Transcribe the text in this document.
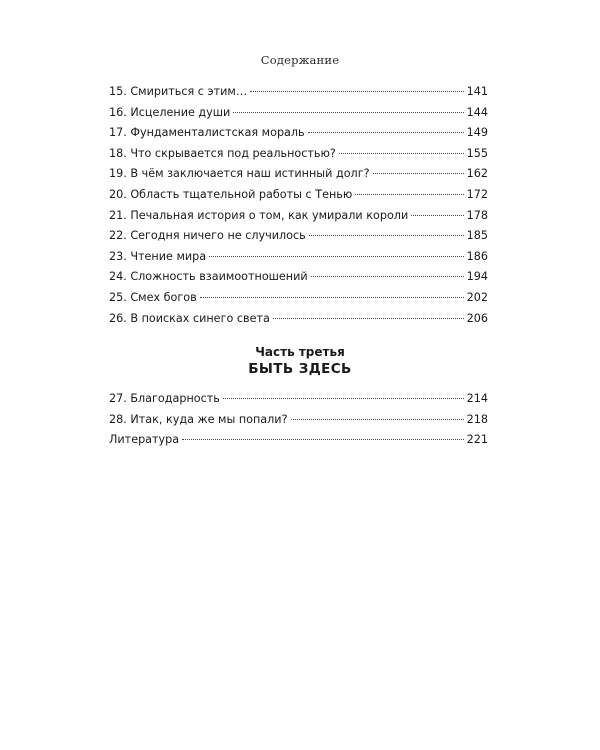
Содержание
15. Смириться с этим…	141
16. Исцеление души	144
17. Фундаменталистская мораль	149
18. Что скрывается под реальностью?	155
19. В чём заключается наш истинный долг?	162
20. Область тщательной работы с Тенью	172
21. Печальная история о том, как умирали короли	178
22. Сегодня ничего не случилось	185
23. Чтение мира	186
24. Сложность взаимоотношений	194
25. Смех богов	202
26. В поисках синего света	206
Часть третья
БЫТЬ ЗДЕСЬ
27. Благодарность	214
28. Итак, куда же мы попали?	218
Литература	221
